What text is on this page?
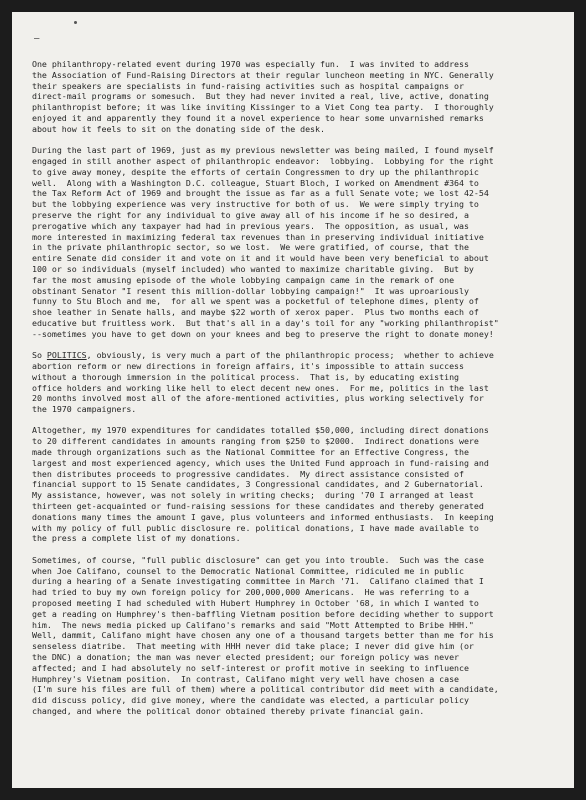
–

One philanthropy-related event during 1970 was especially fun.  I was invited to address
the Association of Fund-Raising Directors at their regular luncheon meeting in NYC. Generally
their speakers are specialists in fund-raising activities such as hospital campaigns or
direct-mail programs or somesuch.  But they had never invited a real, live, active, donating
philanthropist before; it was like inviting Kissinger to a Viet Cong tea party.  I thoroughly
enjoyed it and apparently they found it a novel experience to hear some unvarnished remarks
about how it feels to sit on the donating side of the desk.

During the last part of 1969, just as my previous newsletter was being mailed, I found myself
engaged in still another aspect of philanthropic endeavor:  lobbying.  Lobbying for the right
to give away money, despite the efforts of certain Congressmen to dry up the philanthropic
well.  Along with a Washington D.C. colleague, Stuart Bloch, I worked on Amendment #364 to
the Tax Reform Act of 1969 and brought the issue as far as a full Senate vote; we lost 42-54
but the lobbying experience was very instructive for both of us.  We were simply trying to
preserve the right for any individual to give away all of his income if he so desired, a
prerogative which any taxpayer had had in previous years.  The opposition, as usual, was
more interested in maximizing federal tax revenues than in preserving individual initiative
in the private philanthropic sector, so we lost.  We were gratified, of course, that the
entire Senate did consider it and vote on it and it would have been very beneficial to about
100 or so individuals (myself included) who wanted to maximize charitable giving.  But by
far the most amusing episode of the whole lobbying campaign came in the remark of one
obstinant Senator "I resent this million-dollar lobbying campaign!"  It was uproariously
funny to Stu Bloch and me,  for all we spent was a pocketful of telephone dimes, plenty of
shoe leather in Senate halls, and maybe $22 worth of xerox paper.  Plus two months each of
educative but fruitless work.  But that's all in a day's toil for any "working philanthropist"
--sometimes you have to get down on your knees and beg to preserve the right to donate money!

So POLITICS, obviously, is very much a part of the philanthropic process;  whether to achieve
abortion reform or new directions in foreign affairs, it's impossible to attain success
without a thorough immersion in the political process.  That is, by educating existing
office holders and working like hell to elect decent new ones.  For me, politics in the last
20 months involved most all of the afore-mentioned activities, plus working selectively for
the 1970 campaigners.

Altogether, my 1970 expenditures for candidates totalled $50,000, including direct donations
to 20 different candidates in amounts ranging from $250 to $2000.  Indirect donations were
made through organizations such as the National Committee for an Effective Congress, the
largest and most experienced agency, which uses the United Fund approach in fund-raising and
then distributes proceeds to progressive candidates.  My direct assistance consisted of
financial support to 15 Senate candidates, 3 Congressional candidates, and 2 Gubernatorial.
My assistance, however, was not solely in writing checks;  during '70 I arranged at least
thirteen get-acquainted or fund-raising sessions for these candidates and thereby generated
donations many times the amount I gave, plus volunteers and informed enthusiasts.  In keeping
with my policy of full public disclosure re. political donations, I have made available to
the press a complete list of my donations.

Sometimes, of course, "full public disclosure" can get you into trouble.  Such was the case
when Joe Califano, counsel to the Democratic National Committee, ridiculed me in public
during a hearing of a Senate investigating committee in March '71.  Califano claimed that I
had tried to buy my own foreign policy for 200,000,000 Americans.  He was referring to a
proposed meeting I had scheduled with Hubert Humphrey in October '68, in which I wanted to
get a reading on Humphrey's then-baffling Vietnam position before deciding whether to support
him.  The news media picked up Califano's remarks and said "Mott Attempted to Bribe HHH."
Well, dammit, Califano might have chosen any one of a thousand targets better than me for his
senseless diatribe.  That meeting with HHH never did take place; I never did give him (or
the DNC) a donation; the man was never elected president; our foreign policy was never
affected; and I had absolutely no self-interest or profit motive in seeking to influence
Humphrey's Vietnam position.  In contrast, Califano might very well have chosen a case
(I'm sure his files are full of them) where a political contributor did meet with a candidate,
did discuss policy, did give money, where the candidate was elected, a particular policy
changed, and where the political donor obtained thereby private financial gain.
